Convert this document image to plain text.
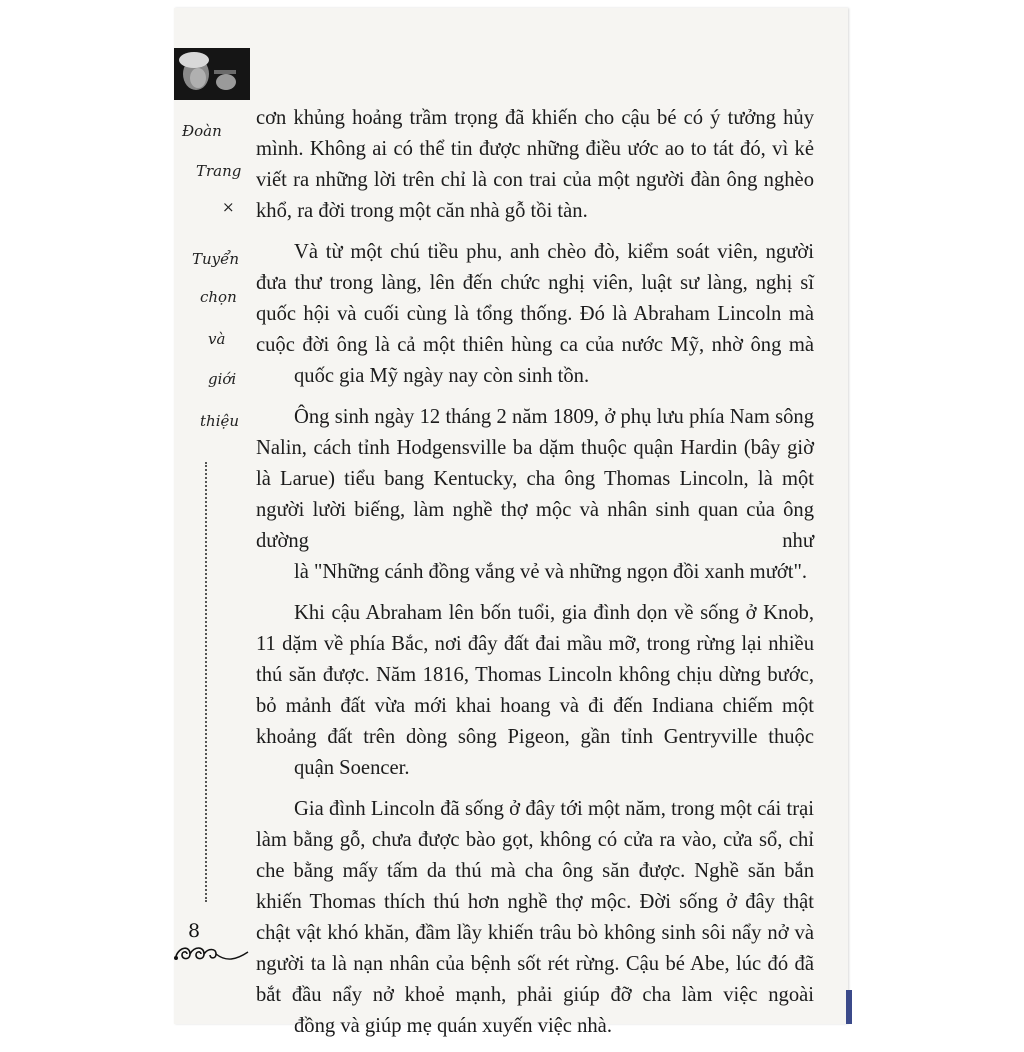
Đoàn
Trang
×
Tuyển
chọn
và
giới
thiệu

cơn khủng hoảng trầm trọng đã khiến cho cậu bé có ý tưởng hủy mình. Không ai có thể tin được những điều ước ao to tát đó, vì kẻ viết ra những lời trên chỉ là con trai của một người đàn ông nghèo
khổ, ra đời trong một căn nhà gỗ tồi tàn.

Và từ một chú tiều phu, anh chèo đò, kiểm soát viên, người đưa thư trong làng, lên đến chức nghị viên, luật sư làng, nghị sĩ quốc hội và cuối cùng là tổng thống. Đó là Abraham Lincoln mà cuộc đời ông là cả một thiên hùng ca của nước Mỹ, nhờ ông mà
quốc gia Mỹ ngày nay còn sinh tồn.

Ông sinh ngày 12 tháng 2 năm 1809, ở phụ lưu phía Nam sông Nalin, cách tỉnh Hodgensville ba dặm thuộc quận Hardin (bây giờ là Larue) tiểu bang Kentucky, cha ông Thomas Lincoln, là một người lười biếng, làm nghề thợ mộc và nhân sinh quan của ông dường như
là "Những cánh đồng vắng vẻ và những ngọn đồi xanh mướt".

Khi cậu Abraham lên bốn tuổi, gia đình dọn về sống ở Knob, 11 dặm về phía Bắc, nơi đây đất đai mầu mỡ, trong rừng lại nhiều thú săn được. Năm 1816, Thomas Lincoln không chịu dừng bước, bỏ mảnh đất vừa mới khai hoang và đi đến Indiana chiếm một khoảng đất trên dòng sông Pigeon, gần tỉnh Gentryville thuộc
quận Soencer.

Gia đình Lincoln đã sống ở đây tới một năm, trong một cái trại làm bằng gỗ, chưa được bào gọt, không có cửa ra vào, cửa sổ, chỉ che bằng mấy tấm da thú mà cha ông săn được. Nghề săn bắn khiến Thomas thích thú hơn nghề thợ mộc. Đời sống ở đây thật chật vật khó khăn, đầm lầy khiến trâu bò không sinh sôi nẩy nở và người ta là nạn nhân của bệnh sốt rét rừng. Cậu bé Abe, lúc đó đã bắt đầu nẩy nở khoẻ mạnh, phải giúp đỡ cha làm việc ngoài
đồng và giúp mẹ quán xuyến việc nhà.

8
